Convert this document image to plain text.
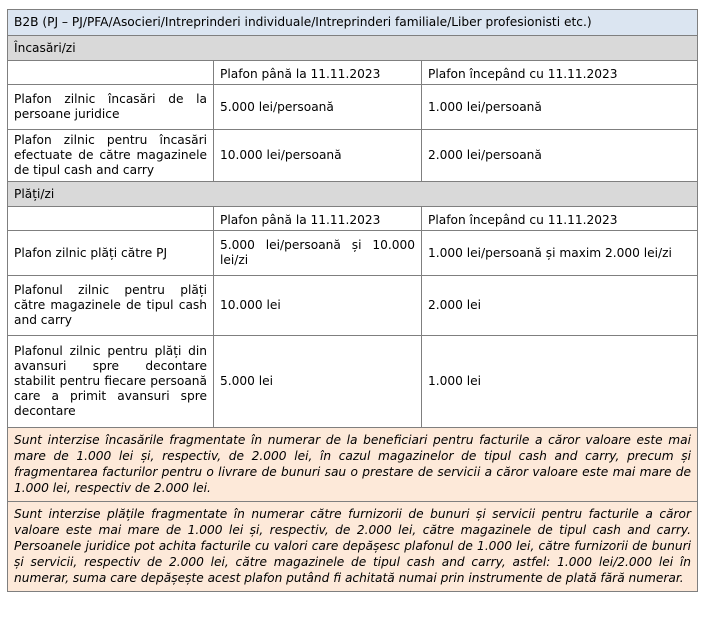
B2B (PJ – PJ/PFA/Asocieri/Intreprinderi individuale/Intreprinderi familiale/Liber profesionisti etc.)		
Încasări/zi		
	Plafon până la 11.11.2023	Plafon începând cu 11.11.2023
Plafon zilnic încasări de la persoane juridice	5.000 lei/persoană	1.000 lei/persoană
Plafon zilnic pentru încasări efectuate de către magazinele de tipul cash and carry	10.000 lei/persoană	2.000 lei/persoană
Plăți/zi		
	Plafon până la 11.11.2023	Plafon începând cu 11.11.2023
Plafon zilnic plăți către PJ	5.000 lei/persoană și 10.000 lei/zi	1.000 lei/persoană și maxim 2.000 lei/zi
Plafonul zilnic pentru plăți către magazinele de tipul cash and carry	10.000 lei	2.000 lei
Plafonul zilnic pentru plăți din avansuri spre decontare stabilit pentru fiecare persoană care a primit avansuri spre decontare	5.000 lei	1.000 lei
Sunt interzise încasările fragmentate în numerar de la beneficiari pentru facturile a căror valoare este mai mare de 1.000 lei și, respectiv, de 2.000 lei, în cazul magazinelor de tipul cash and carry, precum și fragmentarea facturilor pentru o livrare de bunuri sau o prestare de servicii a căror valoare este mai mare de 1.000 lei, respectiv de 2.000 lei.		
Sunt interzise plățile fragmentate în numerar către furnizorii de bunuri și servicii pentru facturile a căror valoare este mai mare de 1.000 lei și, respectiv, de 2.000 lei, către magazinele de tipul cash and carry. Persoanele juridice pot achita facturile cu valori care depășesc plafonul de 1.000 lei, către furnizorii de bunuri și servicii, respectiv de 2.000 lei, către magazinele de tipul cash and carry, astfel: 1.000 lei/2.000 lei în numerar, suma care depășește acest plafon putând fi achitată numai prin instrumente de plată fără numerar.		
